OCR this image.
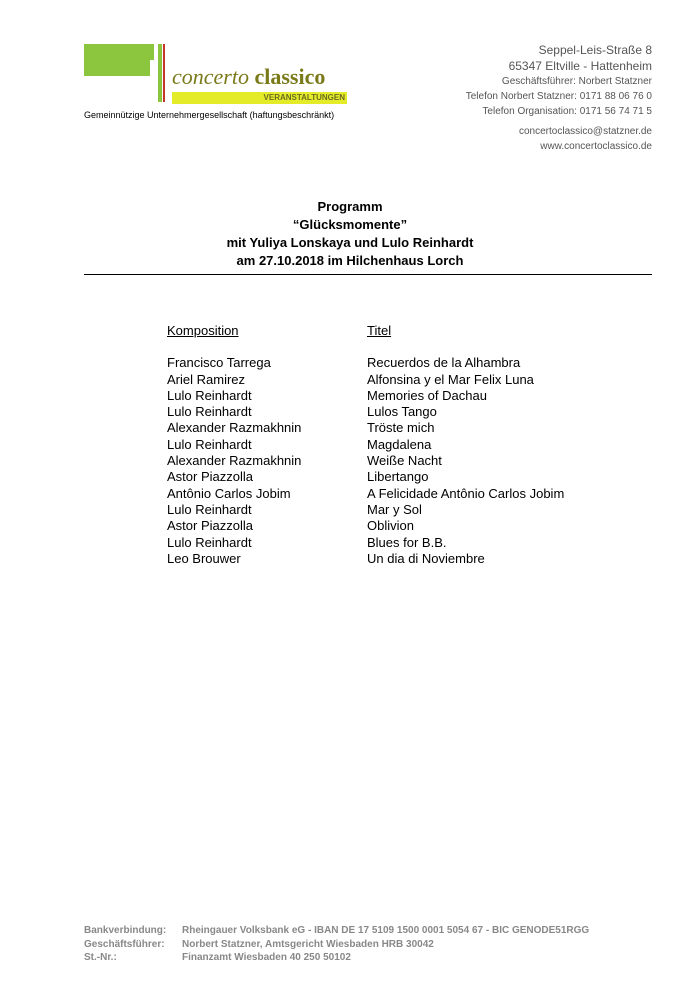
concerto classico
VERANSTALTUNGEN
Gemeinnützige Unternehmergesellschaft (haftungsbeschränkt)
Seppel-Leis-Straße 8
65347 Eltville - Hattenheim
Geschäftsführer: Norbert Statzner
Telefon Norbert Statzner: 0171 88 06 76 0
Telefon Organisation: 0171 56 74 71 5
concertoclassico@statzner.de
www.concertoclassico.de
Programm
“Glücksmomente”
mit Yuliya Lonskaya und Lulo Reinhardt
am 27.10.2018 im Hilchenhaus Lorch
Komposition	Titel
Francisco Tarrega	Recuerdos de la Alhambra
Ariel Ramirez	Alfonsina y el Mar Felix Luna
Lulo Reinhardt	Memories of Dachau
Lulo Reinhardt	Lulos Tango
Alexander Razmakhnin	Tröste mich
Lulo Reinhardt	Magdalena
Alexander Razmakhnin	Weiße Nacht
Astor Piazzolla	Libertango
Antônio Carlos Jobim	A Felicidade Antônio Carlos Jobim
Lulo Reinhardt	Mar y Sol
Astor Piazzolla	Oblivion
Lulo Reinhardt	Blues for B.B.
Leo Brouwer	Un dia di Noviembre
Bankverbindung:	Rheingauer Volksbank eG - IBAN DE 17 5109 1500 0001 5054 67 - BIC GENODE51RGG
Geschäftsführer:	Norbert Statzner, Amtsgericht Wiesbaden HRB 30042
St.-Nr.:	Finanzamt Wiesbaden 40 250 50102
